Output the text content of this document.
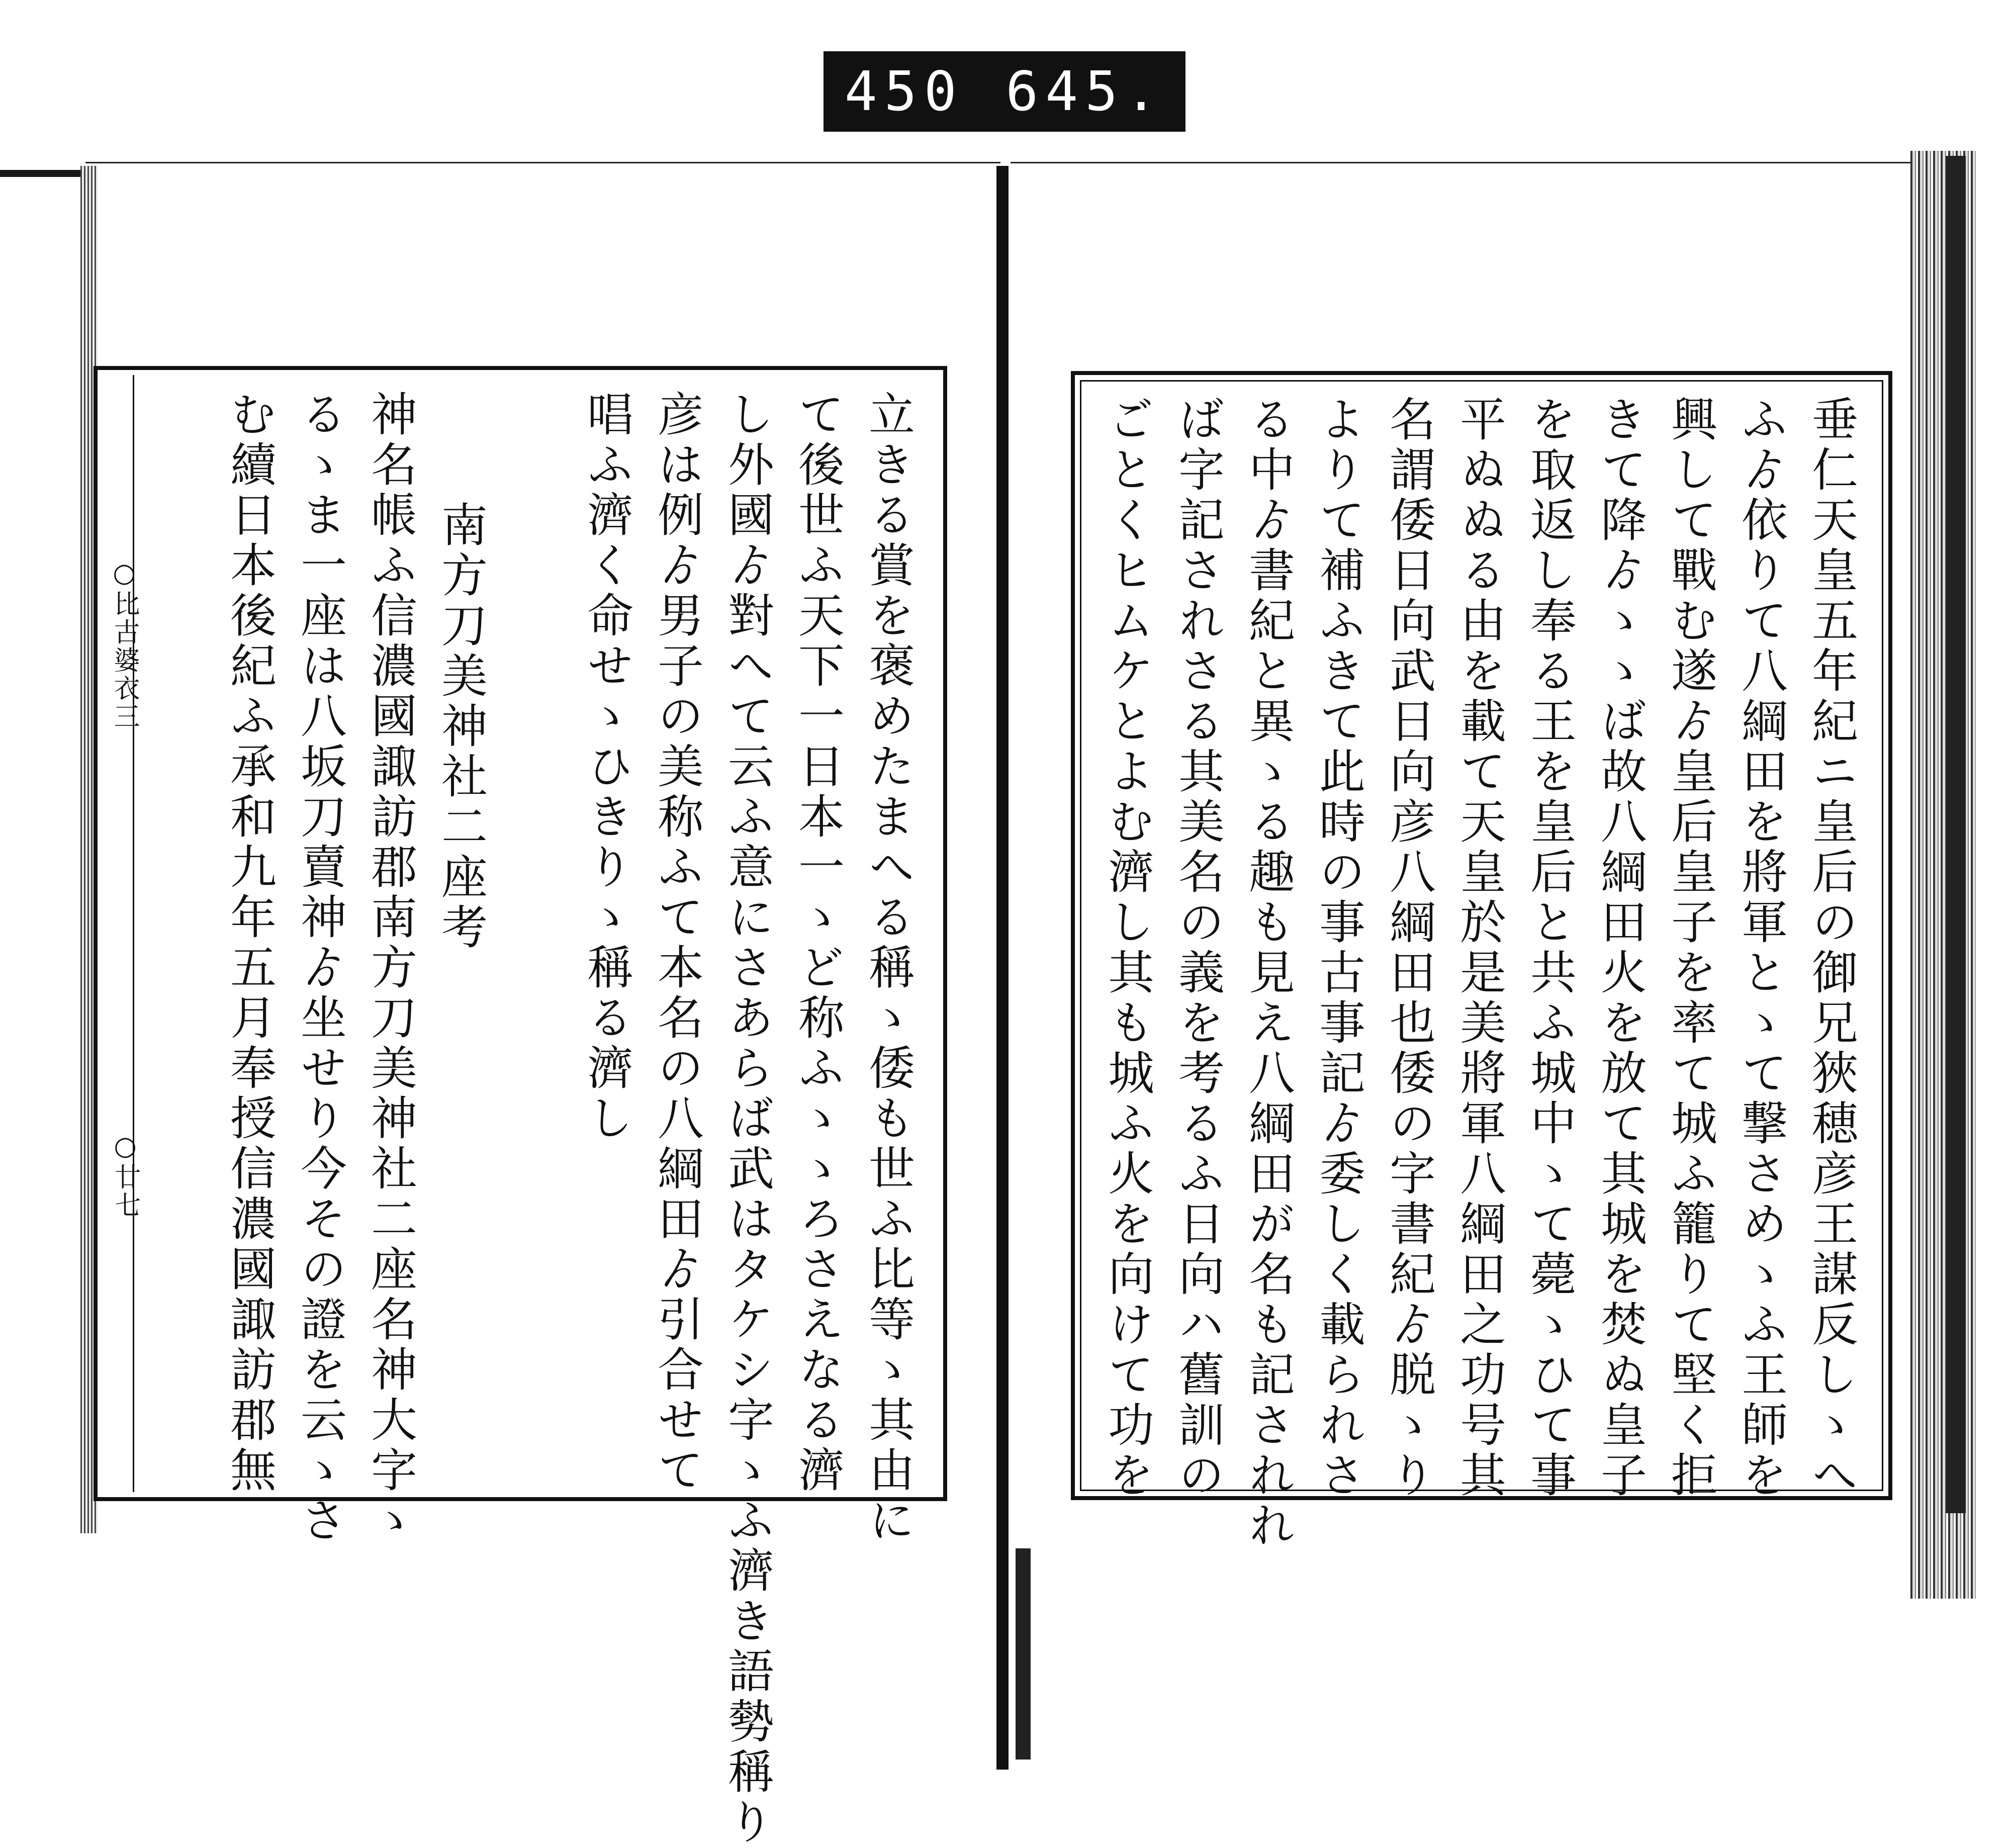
450 645.
立きる賞を褒めたまへる稱ゝ倭も世ふ比等ゝ其由に
て後世ふ天下一日本一ゝど称ふゝゝろさえなる濟
し外國ゟ對へて云ふ意にさあらば武はタケシ字ゝふ濟き語勢稱り
彦は例ゟ男子の美称ふて本名の八綱田ゟ引合せて
唱ふ濟く命せゝひきりゝ稱る濟し
南方刀美神社二座考
神名帳ふ信濃國諏訪郡南方刀美神社二座名神大字ゝ
るゝま一座は八坂刀賣神ゟ坐せり今その證を云ゝさ
む續日本後紀ふ承和九年五月奉授信濃國諏訪郡無
○比古婆衣三
○廿七	垂仁天皇五年紀ニ皇后の御兄狹穂彦王謀反しゝへ
ふゟ依りて八綱田を將軍とゝて撃さめゝふ王師を
興して戰む遂ゟ皇后皇子を率て城ふ籠りて堅く拒
きて降ゟゝゝば故八綱田火を放て其城を焚ぬ皇子
を取返し奉る王を皇后と共ふ城中ゝて薨ゝひて事
平ぬぬる由を載て天皇於是美將軍八綱田之功号其
名謂倭日向武日向彦八綱田也倭の字書紀ゟ脱ゝり
よりて補ふきて此時の事古事記ゟ委しく載られさ
る中ゟ書紀と異ゝる趣も見え八綱田が名も記されれ
ば字記されさる其美名の義を考るふ日向ハ舊訓の
ごとくヒムケとよむ濟し其も城ふ火を向けて功を
